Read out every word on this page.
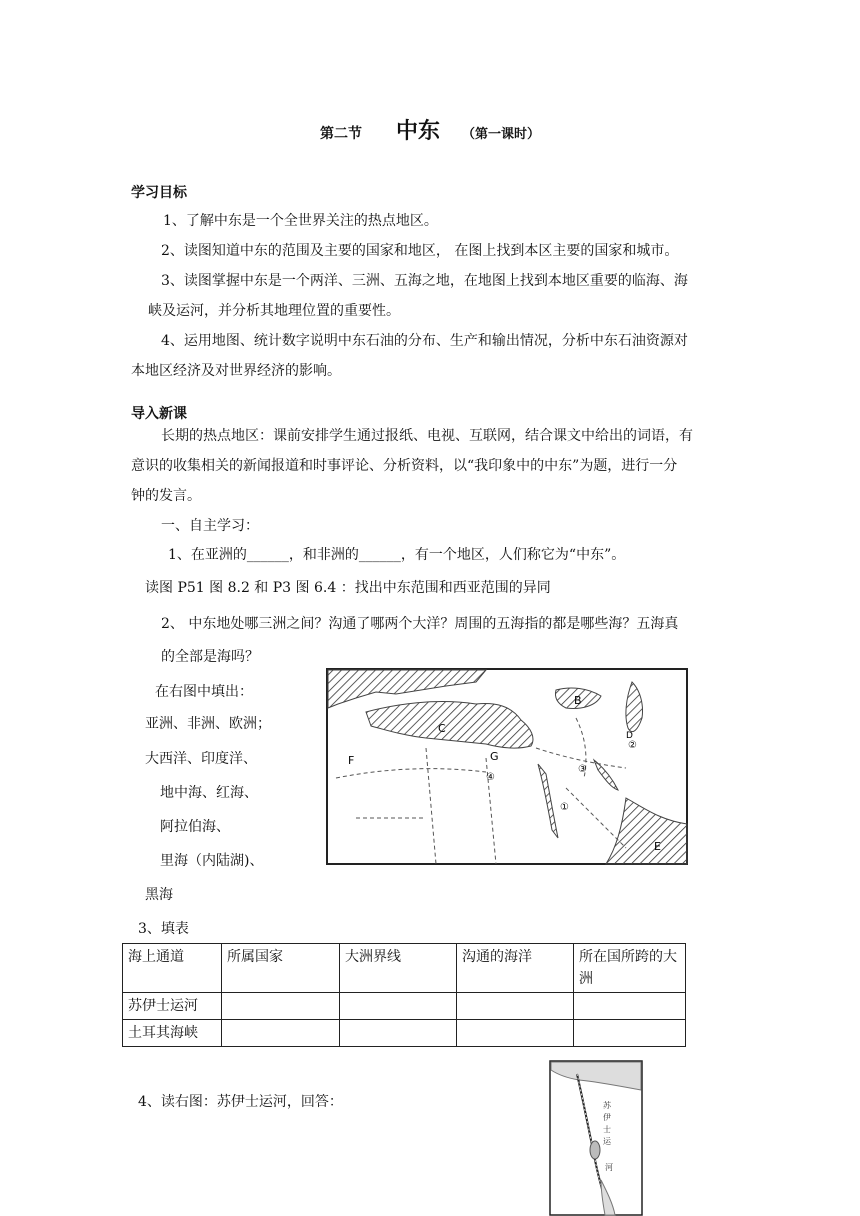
第二节 中东 （第一课时）
学习目标
1、了解中东是一个全世界关注的热点地区。
2、读图知道中东的范围及主要的国家和地区， 在图上找到本区主要的国家和城市。
3、读图掌握中东是一个两洋、三洲、五海之地，在地图上找到本地区重要的临海、海
峡及运河，并分析其地理位置的重要性。
4、运用地图、统计数字说明中东石油的分布、生产和输出情况，分析中东石油资源对
本地区经济及对世界经济的影响。
导入新课
长期的热点地区：课前安排学生通过报纸、电视、互联网，结合课文中给出的词语，有
意识的收集相关的新闻报道和时事评论、分析资料，以“我印象中的中东”为题，进行一分
钟的发言。
一、自主学习：
1、在亚洲的______，和非洲的______，有一个地区，人们称它为“中东”。
读图 P51 图 8.2 和 P3 图 6.4 ：找出中东范围和西亚范围的异同
2、 中东地处哪三洲之间？沟通了哪两个大洋？周围的五海指的都是哪些海？五海真
的全部是海吗？
在右图中填出：
亚洲、非洲、欧洲；
大西洋、印度洋、
地中海、红海、
阿拉伯海、
里海（内陆湖)、
黑海
C
B
F	G
E
④
①
③
②
D
3、填表
海上通道	所属国家	大洲界线	沟通的海洋	所在国所跨的大洲
苏伊士运河				
土耳其海峡				
4、读右图：苏伊士运河，回答：	苏伊士运河
